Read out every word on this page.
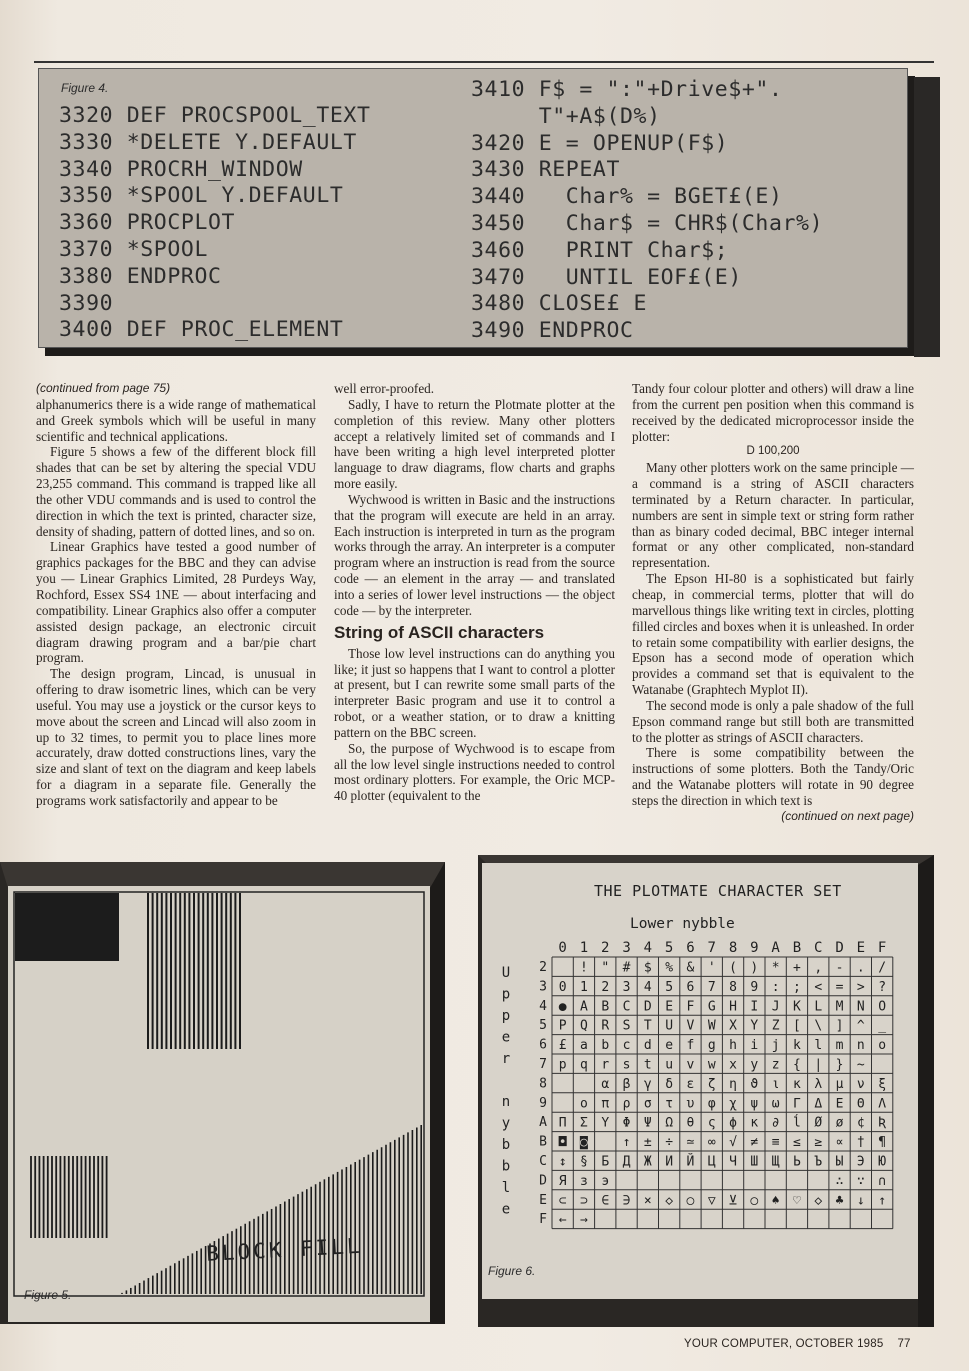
Figure 4.
3320 DEF PROCSPOOL_TEXT
3330 *DELETE Y.DEFAULT
3340 PROCRH_WINDOW
3350 *SPOOL Y.DEFAULT
3360 PROCPLOT
3370 *SPOOL
3380 ENDPROC
3390
3400 DEF PROC_ELEMENT
3410 F$ = ":"+Drive$+".
T"+A$(D%)
3420 E = OPENUP(F$)
3430 REPEAT
3440   Char% = BGET£(E)
3450   Char$ = CHR$(Char%)
3460   PRINT Char$;
3470   UNTIL EOF£(E)
3480 CLOSE£ E
3490 ENDPROC
(continued from page 75)

alphanumerics there is a wide range of mathematical and Greek symbols which will be useful in many scientific and technical applications.

Figure 5 shows a few of the different block fill shades that can be set by altering the special VDU 23,255 command. This command is trapped like all the other VDU commands and is used to control the direction in which the text is printed, character size, density of shading, pattern of dotted lines, and so on.

Linear Graphics have tested a good number of graphics packages for the BBC and they can advise you — Linear Graphics Limited, 28 Purdeys Way, Rochford, Essex SS4 1NE — about interfacing and compatibility. Linear Graphics also offer a computer assisted design package, an electronic circuit diagram drawing program and a bar/pie chart program.

The design program, Lincad, is unusual in offering to draw isometric lines, which can be very useful. You may use a joystick or the cursor keys to move about the screen and Lincad will also zoom in up to 32 times, to permit you to place lines more accurately, draw dotted constructions lines, vary the size and slant of text on the diagram and keep labels for a diagram in a separate file. Generally the programs work satisfactorily and appear to be

well error-proofed.

Sadly, I have to return the Plotmate plotter at the completion of this review. Many other plotters accept a relatively limited set of commands and I have been writing a high level interpreted plotter language to draw diagrams, flow charts and graphs more easily.

Wychwood is written in Basic and the instructions that the program will execute are held in an array. Each instruction is interpreted in turn as the program works through the array. An interpreter is a computer program where an instruction is read from the source code — an element in the array — and translated into a series of lower level instructions — the object code — by the interpreter.

String of ASCII characters

Those low level instructions can do anything you like; it just so happens that I want to control a plotter at present, but I can rewrite some small parts of the interpreter Basic program and use it to control a robot, or a weather station, or to draw a knitting pattern on the BBC screen.

So, the purpose of Wychwood is to escape from all the low level single instructions needed to control most ordinary plotters. For example, the Oric MCP-40 plotter (equivalent to the

Tandy four colour plotter and others) will draw a line from the current pen position when this command is received by the dedicated microprocessor inside the plotter:

D 100,200

Many other plotters work on the same principle — a command is a string of ASCII characters terminated by a Return character. In particular, numbers are sent in simple text or string form rather than as binary coded decimal, BBC integer internal format or any other complicated, non-standard representation.

The Epson HI-80 is a sophisticated but fairly cheap, in commercial terms, plotter that will do marvellous things like writing text in circles, plotting filled circles and boxes when it is unleashed. In order to retain some compatibility with earlier designs, the Epson has a second mode of operation which provides a command set that is equivalent to the Watanabe (Graphtech Myplot II).

The second mode is only a pale shadow of the full Epson command range but still both are transmitted to the plotter as strings of ASCII characters.

There is some compatibility between the instructions of some plotters. Both the Tandy/Oric and the Watanabe plotters will rotate in 90 degree steps the direction in which text is

(continued on next page)
BLOCK FILL
Figure 5.
THE PLOTMATE CHARACTER SET
Lower nybble
0 1 2 3 4 5 6 7 8 9 A B C D E F
2
3
4
5
6
7
8
9
A
B
C
D
E
F
U
p
p
e
r
n
y
b
b
l
e
! " # $ % & ' ( ) * + , - . /
0 1 2 3 4 5 6 7 8 9 : ; < = > ?
● A B C D E F G H I J K L M N O
P Q R S T U V W X Y Z [ \ ] ^ _
£ a b c d e f g h i j k l m n o
p q r s t u v w x y z { | } ~
α β γ δ ε ζ η ϑ ι κ λ μ ν ξ
ο π ρ σ τ υ φ χ ψ ω Γ Δ Ε Θ Λ
Π Σ Υ Φ Ψ Ω θ ς ϕ ĸ ∂ ĺ Ø ø ¢ Ʀ
◘ ◙	↑ ± ÷ ≃ ∞ √ ≠ ≡ ≤ ≥ ∝ † ¶
↕ § Б Д Ж И Й Ц Ч Ш Щ Ь Ъ Ы Э Ю
Я з э	∴ ∵ ∩
⊂ ⊃ ∈ ∋ × ◇ ○ ▽ ⊻ ○ ♠ ♡ ◇ ♣ ↓ ↑
← →
Figure 6.
YOUR COMPUTER, OCTOBER 1985 77
